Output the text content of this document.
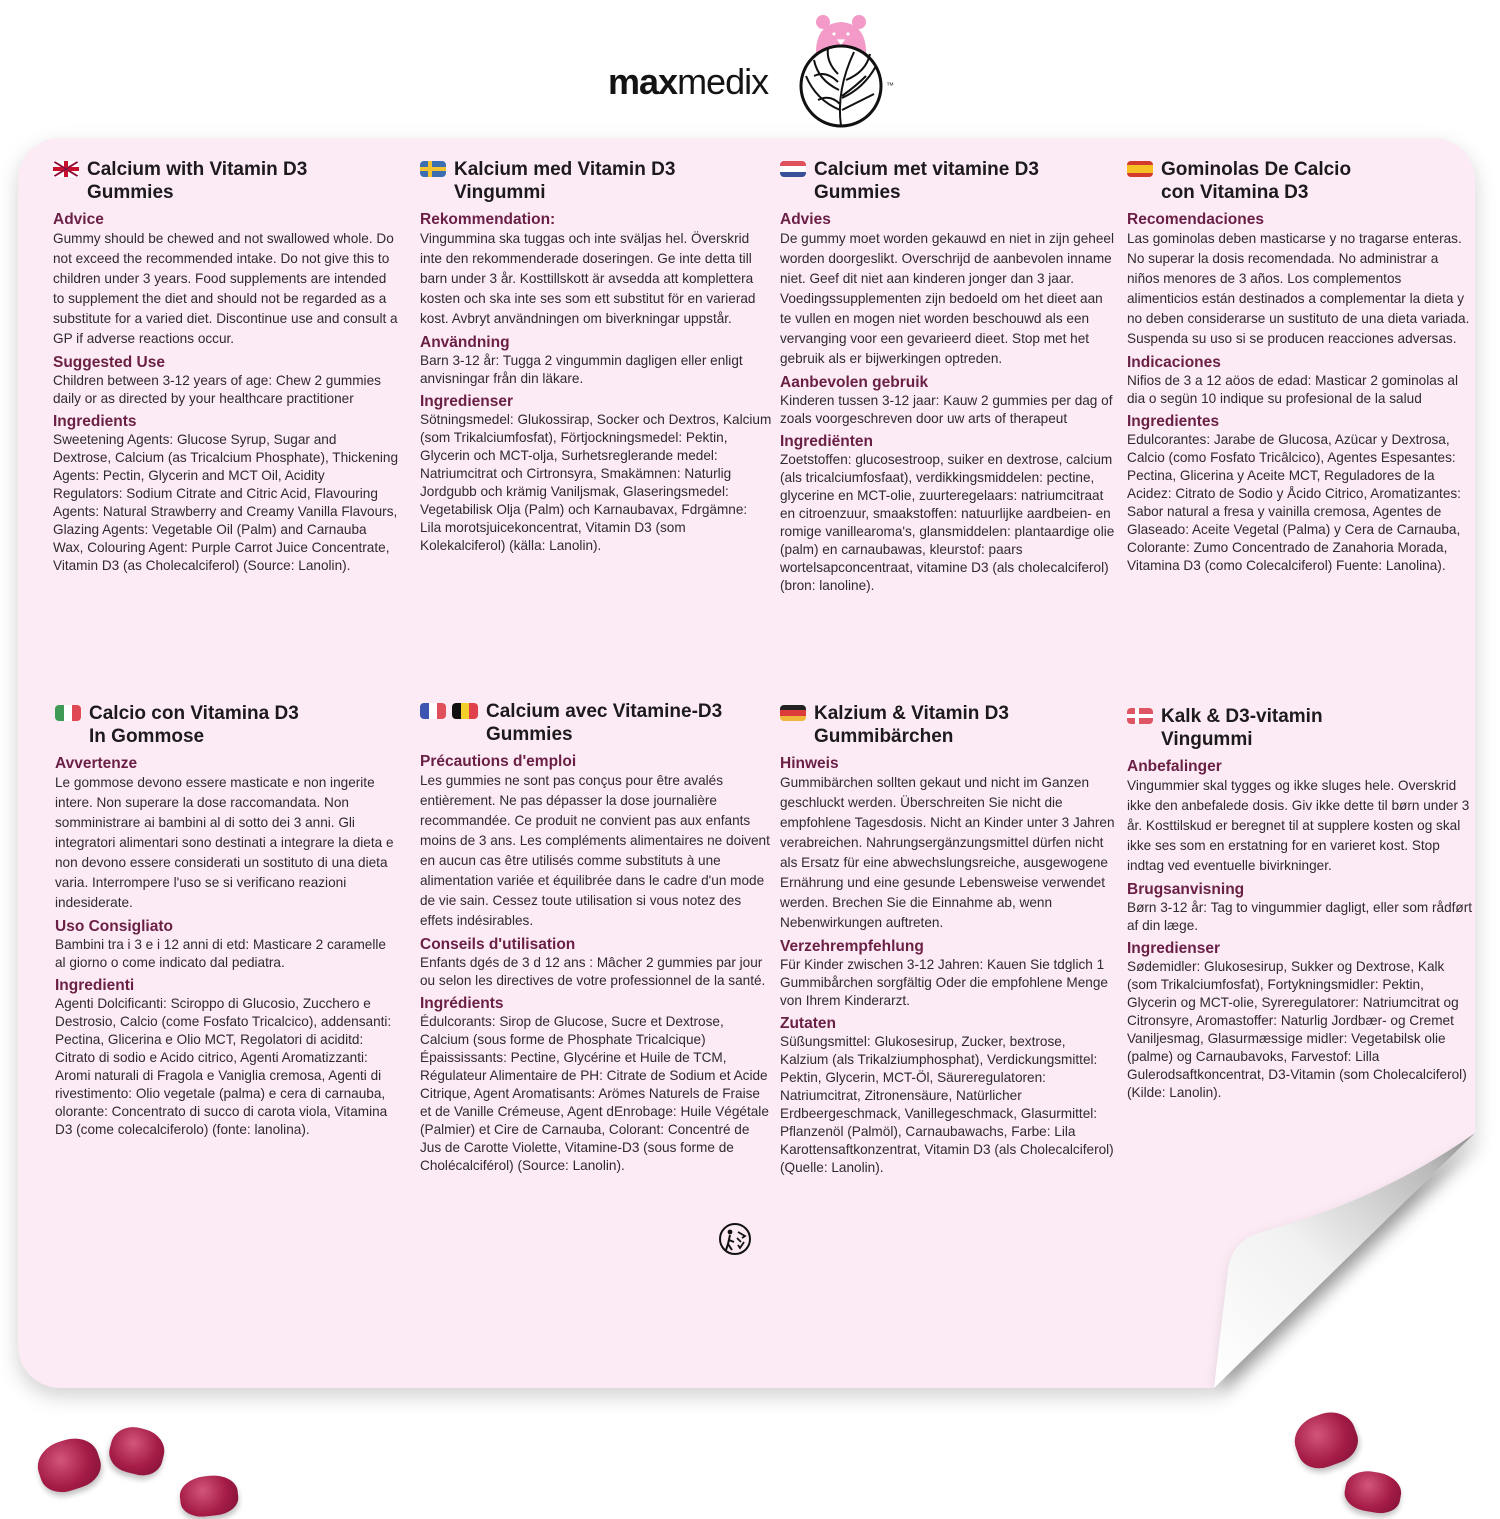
maxmedix	™
Calcium with Vitamin D3
Gummies
Advice
Gummy should be chewed and not swallowed whole. Do not exceed the recommended intake. Do not give this to children under 3 years. Food supplements are intended to supplement the diet and should not be regarded as a substitute for a varied diet. Discontinue use and consult a GP if adverse reactions occur.
Suggested Use
Children between 3-12 years of age: Chew 2 gummies daily or as directed by your healthcare practitioner
Ingredients
Sweetening Agents: Glucose Syrup, Sugar and Dextrose, Calcium (as Tricalcium Phosphate), Thickening Agents: Pectin, Glycerin and MCT Oil, Acidity Regulators: Sodium Citrate and Citric Acid, Flavouring Agents: Natural Strawberry and Creamy Vanilla Flavours, Glazing Agents: Vegetable Oil (Palm) and Carnauba Wax, Colouring Agent: Purple Carrot Juice Concentrate, Vitamin D3 (as Cholecalciferol) (Source: Lanolin).
Kalcium med Vitamin D3
Vingummi
Rekommendation:
Vingummina ska tuggas och inte sväljas hel. Överskrid inte den rekommenderade doseringen. Ge inte detta till barn under 3 år. Kosttillskott är avsedda att komplettera kosten och ska inte ses som ett substitut för en varierad kost. Avbryt användningen om biverkningar uppstår.
Användning
Barn 3-12 år: Tugga 2 vingummin dagligen eller enligt anvisningar från din läkare.
Ingredienser
Sötningsmedel: Glukossirap, Socker och Dextros, Kalcium (som Trikalciumfosfat), Förtjockningsmedel: Pektin, Glycerin och MCT-olja, Surhetsreglerande medel: Natriumcitrat och Cirtronsyra, Smakämnen: Naturlig Jordgubb och krämig Vaniljsmak, Glaseringsmedel: Vegetabilisk Olja (Palm) och Karnaubavax, Fdrgämne: Lila morotsjuicekoncentrat, Vitamin D3 (som Kolekalciferol) (källa: Lanolin).
Calcium met vitamine D3
Gummies
Advies
De gummy moet worden gekauwd en niet in zijn geheel worden doorgeslikt. Overschrijd de aanbevolen inname niet. Geef dit niet aan kinderen jonger dan 3 jaar. Voedingssupplementen zijn bedoeld om het dieet aan te vullen en mogen niet worden beschouwd als een vervanging voor een gevarieerd dieet. Stop met het gebruik als er bijwerkingen optreden.
Aanbevolen gebruik
Kinderen tussen 3-12 jaar: Kauw 2 gummies per dag of zoals voorgeschreven door uw arts of therapeut
Ingrediënten
Zoetstoffen: glucosestroop, suiker en dextrose, calcium (als tricalciumfosfaat), verdikkingsmiddelen: pectine, glycerine en MCT-olie, zuurteregelaars: natriumcitraat en citroenzuur, smaakstoffen: natuurlijke aardbeien- en romige vanillearoma's, glansmiddelen: plantaardige olie (palm) en carnaubawas, kleurstof: paars wortelsapconcentraat, vitamine D3 (als cholecalciferol) (bron: lanoline).
Gominolas De Calcio
con Vitamina D3
Recomendaciones
Las gominolas deben masticarse y no tragarse enteras. No superar la dosis recomendada. No administrar a niños menores de 3 años. Los complementos alimenticios están destinados a complementar la dieta y no deben considerarse un sustituto de una dieta variada. Suspenda su uso si se producen reacciones adversas.
Indicaciones
Nifios de 3 a 12 aöos de edad: Masticar 2 gominolas al dia o segün 10 indique su profesional de la salud
Ingredientes
Edulcorantes: Jarabe de Glucosa, Azücar y Dextrosa, Calcio (como Fosfato Tricâlcico), Agentes Espesantes: Pectina, Glicerina y Aceite MCT, Reguladores de la Acidez: Citrato de Sodio y Åcido Citrico, Aromatizantes: Sabor natural a fresa y vainilla cremosa, Agentes de Glaseado: Aceite Vegetal (Palma) y Cera de Carnauba, Colorante: Zumo Concentrado de Zanahoria Morada, Vitamina D3 (como Colecalciferol) Fuente: Lanolina).
Calcio con Vitamina D3
In Gommose
Avvertenze
Le gommose devono essere masticate e non ingerite intere. Non superare la dose raccomandata. Non somministrare ai bambini al di sotto dei 3 anni. Gli integratori alimentari sono destinati a integrare la dieta e non devono essere considerati un sostituto di una dieta varia. Interrompere l'uso se si verificano reazioni indesiderate.
Uso Consigliato
Bambini tra i 3 e i 12 anni di etd: Masticare 2 caramelle al giorno o come indicato dal pediatra.
Ingredienti
Agenti Dolcificanti: Sciroppo di Glucosio, Zucchero e Destrosio, Calcio (come Fosfato Tricalcico), addensanti: Pectina, Glicerina e Olio MCT, Regolatori di aciditd: Citrato di sodio e Acido citrico, Agenti Aromatizzanti: Aromi naturali di Fragola e Vaniglia cremosa, Agenti di rivestimento: Olio vegetale (palma) e cera di carnauba, olorante: Concentrato di succo di carota viola, Vitamina D3 (come colecalciferolo) (fonte: lanolina).
Calcium avec Vitamine-D3
Gummies
Précautions d'emploi
Les gummies ne sont pas conçus pour être avalés entièrement. Ne pas dépasser la dose journalière recommandée. Ce produit ne convient pas aux enfants moins de 3 ans. Les compléments alimentaires ne doivent en aucun cas être utilisés comme substituts à une alimentation variée et équilibrée dans le cadre d'un mode de vie sain. Cessez toute utilisation si vous notez des effets indésirables.
Conseils d'utilisation
Enfants dgés de 3 d 12 ans : Mâcher 2 gummies par jour ou selon les directives de votre professionnel de la santé.
Ingrédients
Édulcorants: Sirop de Glucose, Sucre et Dextrose, Calcium (sous forme de Phosphate Tricalcique) Épaississants: Pectine, Glycérine et Huile de TCM, Régulateur Alimentaire de PH: Citrate de Sodium et Acide Citrique, Agent Aromatisants: Arömes Naturels de Fraise et de Vanille Crémeuse, Agent dEnrobage: Huile Végétale (Palmier) et Cire de Carnauba, Colorant: Concentré de Jus de Carotte Violette, Vitamine-D3 (sous forme de Cholécalciférol) (Source: Lanolin).
Kalzium & Vitamin D3
Gummibärchen
Hinweis
Gummibärchen sollten gekaut und nicht im Ganzen geschluckt werden. Überschreiten Sie nicht die empfohlene Tagesdosis. Nicht an Kinder unter 3 Jahren verabreichen. Nahrungsergänzungsmittel dürfen nicht als Ersatz für eine abwechslungsreiche, ausgewogene Ernährung und eine gesunde Lebensweise verwendet werden. Brechen Sie die Einnahme ab, wenn Nebenwirkungen auftreten.
Verzehrempfehlung
Für Kinder zwischen 3-12 Jahren: Kauen Sie tdglich 1 Gummibårchen sorgfältig Oder die empfohlene Menge von Ihrem Kinderarzt.
Zutaten
Süßungsmittel: Glukosesirup, Zucker, bextrose, Kalzium (als Trikalziumphosphat), Verdickungsmittel: Pektin, Glycerin, MCT-Öl, Säureregulatoren: Natriumcitrat, Zitronensäure, Natürlicher Erdbeergeschmack, Vanillegeschmack, Glasurmittel: Pflanzenöl (Palmöl), Carnaubawachs, Farbe: Lila Karottensaftkonzentrat, Vitamin D3 (als Cholecalciferol) (Quelle: Lanolin).
Kalk & D3-vitamin
Vingummi
Anbefalinger
Vingummier skal tygges og ikke sluges hele. Overskrid ikke den anbefalede dosis. Giv ikke dette til børn under 3 år. Kosttilskud er beregnet til at supplere kosten og skal ikke ses som en erstatning for en varieret kost. Stop indtag ved eventuelle bivirkninger.
Brugsanvisning
Børn 3-12 år: Tag to vingummier dagligt, eller som rådført af din læge.
Ingredienser
Sødemidler: Glukosesirup, Sukker og Dextrose, Kalk (som Trikalciumfosfat), Fortykningsmidler: Pektin, Glycerin og MCT-olie, Syreregulatorer: Natriumcitrat og Citronsyre, Aromastoffer: Naturlig Jordbær- og Cremet Vaniljesmag, Glasurmæssige midler: Vegetabilsk olie (palme) og Carnaubavoks, Farvestof: Lilla Gulerodsaftkoncentrat, D3-Vitamin (som Cholecalciferol) (Kilde: Lanolin).
